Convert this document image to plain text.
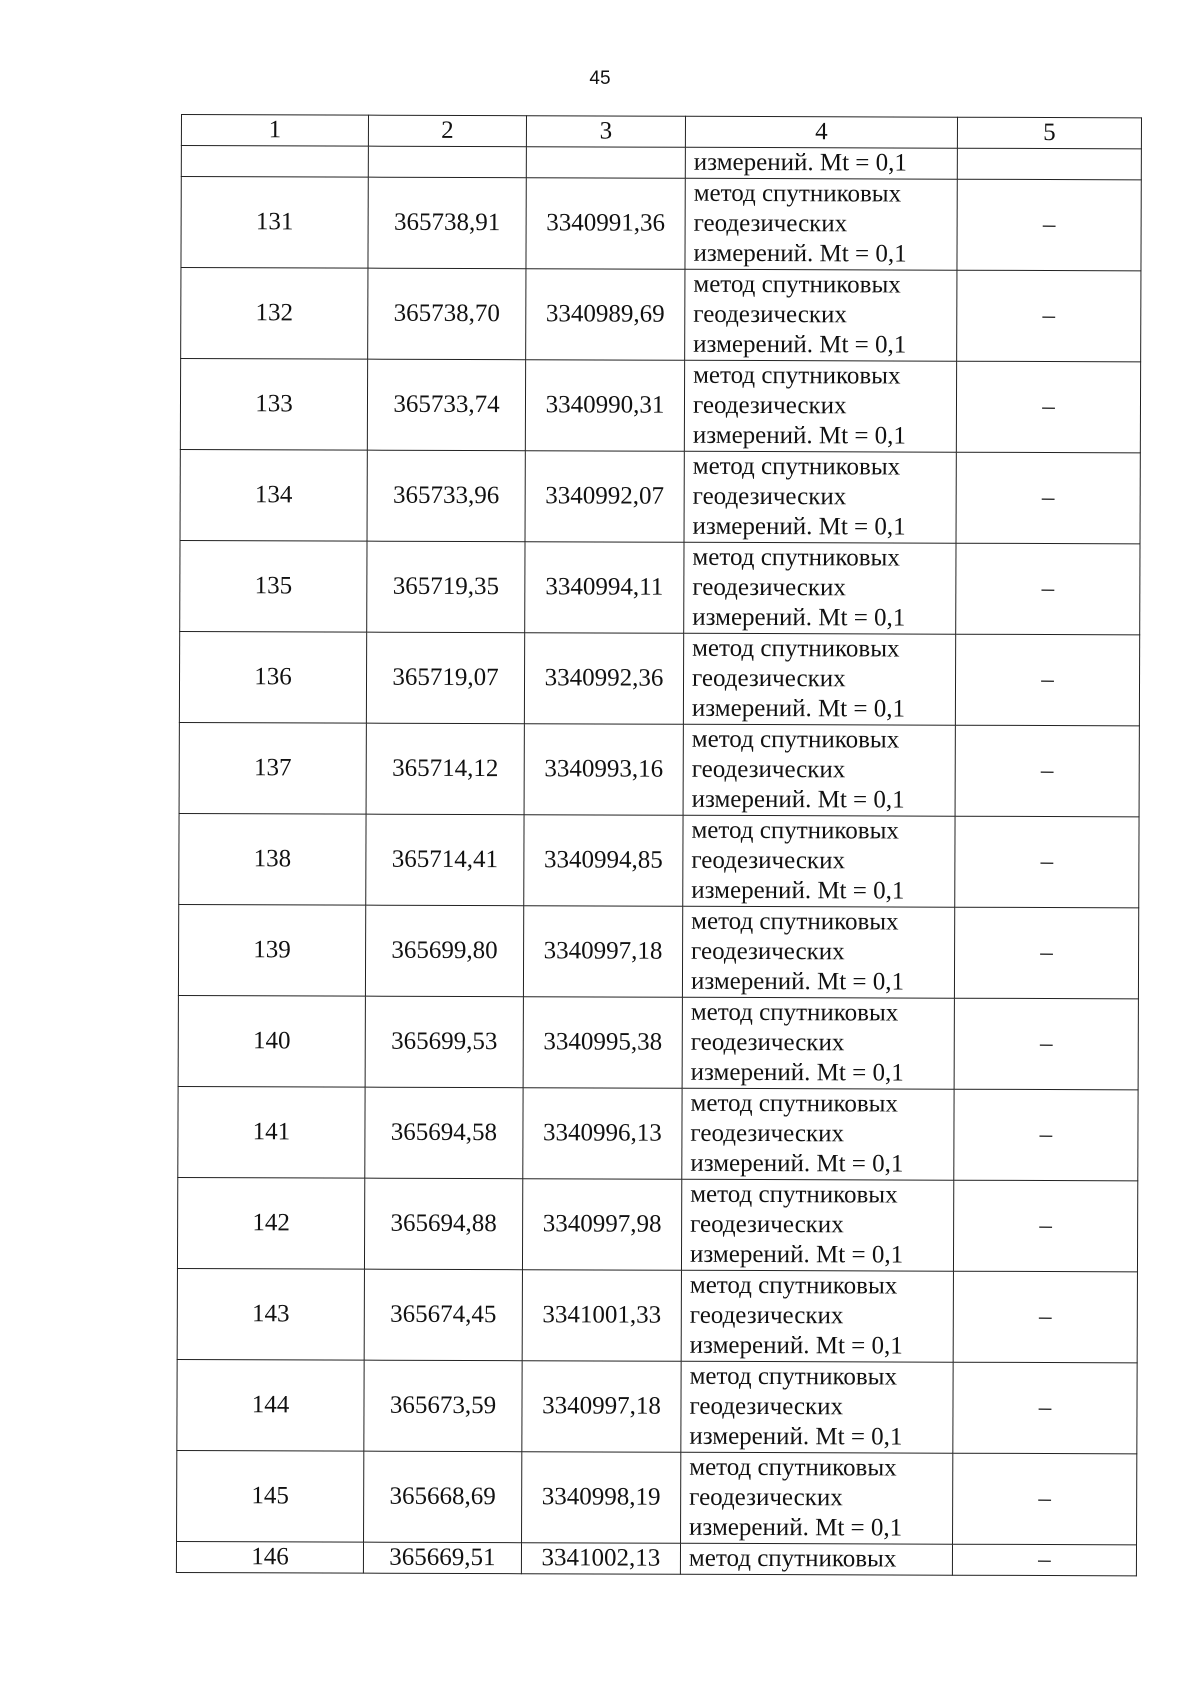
45
1	2	3	4	5
			измерений. Mt = 0,1	
131	365738,91	3340991,36	метод спутниковых
геодезических
измерений. Mt = 0,1	–
132	365738,70	3340989,69	метод спутниковых
геодезических
измерений. Mt = 0,1	–
133	365733,74	3340990,31	метод спутниковых
геодезических
измерений. Mt = 0,1	–
134	365733,96	3340992,07	метод спутниковых
геодезических
измерений. Mt = 0,1	–
135	365719,35	3340994,11	метод спутниковых
геодезических
измерений. Mt = 0,1	–
136	365719,07	3340992,36	метод спутниковых
геодезических
измерений. Mt = 0,1	–
137	365714,12	3340993,16	метод спутниковых
геодезических
измерений. Mt = 0,1	–
138	365714,41	3340994,85	метод спутниковых
геодезических
измерений. Mt = 0,1	–
139	365699,80	3340997,18	метод спутниковых
геодезических
измерений. Mt = 0,1	–
140	365699,53	3340995,38	метод спутниковых
геодезических
измерений. Mt = 0,1	–
141	365694,58	3340996,13	метод спутниковых
геодезических
измерений. Mt = 0,1	–
142	365694,88	3340997,98	метод спутниковых
геодезических
измерений. Mt = 0,1	–
143	365674,45	3341001,33	метод спутниковых
геодезических
измерений. Mt = 0,1	–
144	365673,59	3340997,18	метод спутниковых
геодезических
измерений. Mt = 0,1	–
145	365668,69	3340998,19	метод спутниковых
геодезических
измерений. Mt = 0,1	–
146	365669,51	3341002,13	метод спутниковых	–
